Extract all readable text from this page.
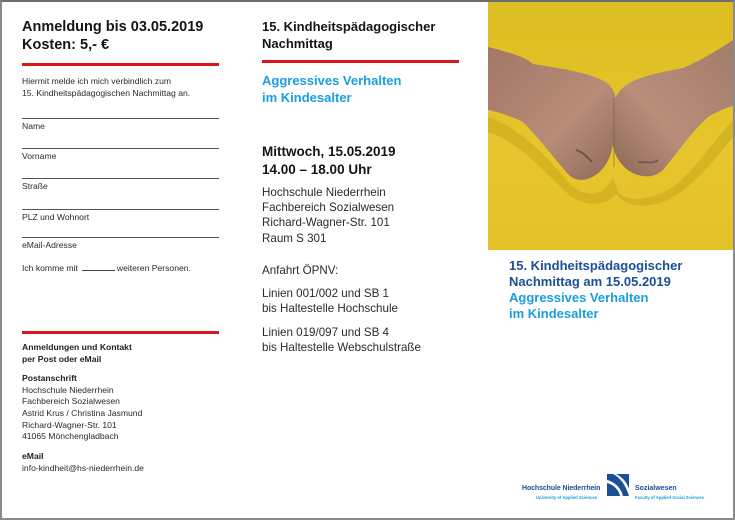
Anmeldung bis 03.05.2019
Kosten: 5,- €
Hiermit melde ich mich verbindlich zum
15. Kindheitspädagogischen Nachmittag an.
Name
Vorname
Straße
PLZ und Wohnort
eMail-Adresse
Ich komme mit	weiteren Personen.
Anmeldungen und Kontakt
per Post oder eMail
Postanschrift
Hochschule Niederrhein
Fachbereich Sozialwesen
Astrid Krus / Christina Jasmund
Richard-Wagner-Str. 101
41065 Mönchengladbach
eMail
info-kindheit@hs-niederrhein.de
15. Kindheitspädagogischer
Nachmittag
Aggressives Verhalten
im Kindesalter
Mittwoch, 15.05.2019
14.00 – 18.00 Uhr
Hochschule Niederrhein
Fachbereich Sozialwesen
Richard-Wagner-Str. 101
Raum S 301
Anfahrt ÖPNV:
Linien 001/002 und SB 1
bis Haltestelle Hochschule
Linien 019/097 und SB 4
bis Haltestelle Webschulstraße
15. Kindheitspädagogischer
Nachmittag am 15.05.2019
Aggressives Verhalten
im Kindesalter
Hochschule Niederrhein
University of Applied Sciences
Sozialwesen
Faculty of Applied Social Sciences
